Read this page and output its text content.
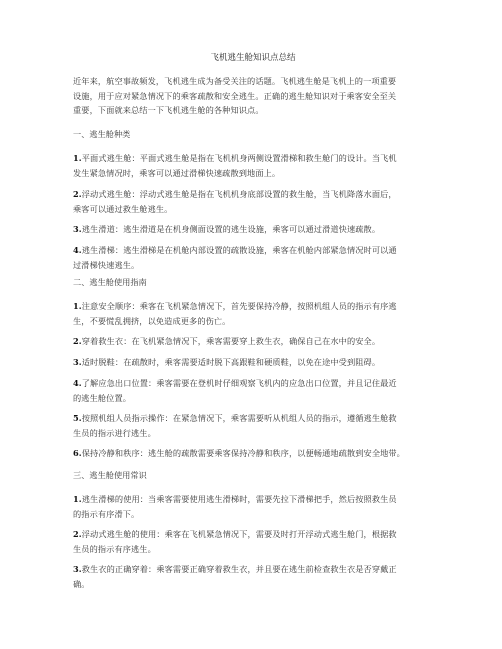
飞机逃生舱知识点总结

近年来，航空事故频发，飞机逃生成为备受关注的话题。飞机逃生舱是飞机上的一项重要

设施，用于应对紧急情况下的乘客疏散和安全逃生。正确的逃生舱知识对于乘客安全至关

重要，下面就来总结一下飞机逃生舱的各种知识点。

一、逃生舱种类

1.平面式逃生舱：平面式逃生舱是指在飞机机身两侧设置滑梯和救生舱门的设计。当飞机

发生紧急情况时，乘客可以通过滑梯快速疏散到地面上。

2.浮动式逃生舱：浮动式逃生舱是指在飞机机身底部设置的救生舱，当飞机降落水面后，

乘客可以通过救生舱逃生。

3.逃生滑道：逃生滑道是在机身侧面设置的逃生设施，乘客可以通过滑道快速疏散。

4.逃生滑梯：逃生滑梯是在机舱内部设置的疏散设施，乘客在机舱内部紧急情况时可以通

过滑梯快速逃生。

二、逃生舱使用指南

1.注意安全顺序：乘客在飞机紧急情况下，首先要保持冷静，按照机组人员的指示有序逃

生，不要慌乱拥挤，以免造成更多的伤亡。

2.穿着救生衣：在飞机紧急情况下，乘客需要穿上救生衣，确保自己在水中的安全。

3.适时脱鞋：在疏散时，乘客需要适时脱下高跟鞋和硬质鞋，以免在途中受到阻碍。

4.了解应急出口位置：乘客需要在登机时仔细观察飞机内的应急出口位置，并且记住最近

的逃生舱位置。

5.按照机组人员指示操作：在紧急情况下，乘客需要听从机组人员的指示，遵循逃生舱救

生员的指示进行逃生。

6.保持冷静和秩序：逃生舱的疏散需要乘客保持冷静和秩序，以便畅通地疏散到安全地带。

三、逃生舱使用常识

1.逃生滑梯的使用：当乘客需要使用逃生滑梯时，需要先拉下滑梯把手，然后按照救生员

的指示有序滑下。

2.浮动式逃生舱的使用：乘客在飞机紧急情况下，需要及时打开浮动式逃生舱门，根据救

生员的指示有序逃生。

3.救生衣的正确穿着：乘客需要正确穿着救生衣，并且要在逃生前检查救生衣是否穿戴正

确。
